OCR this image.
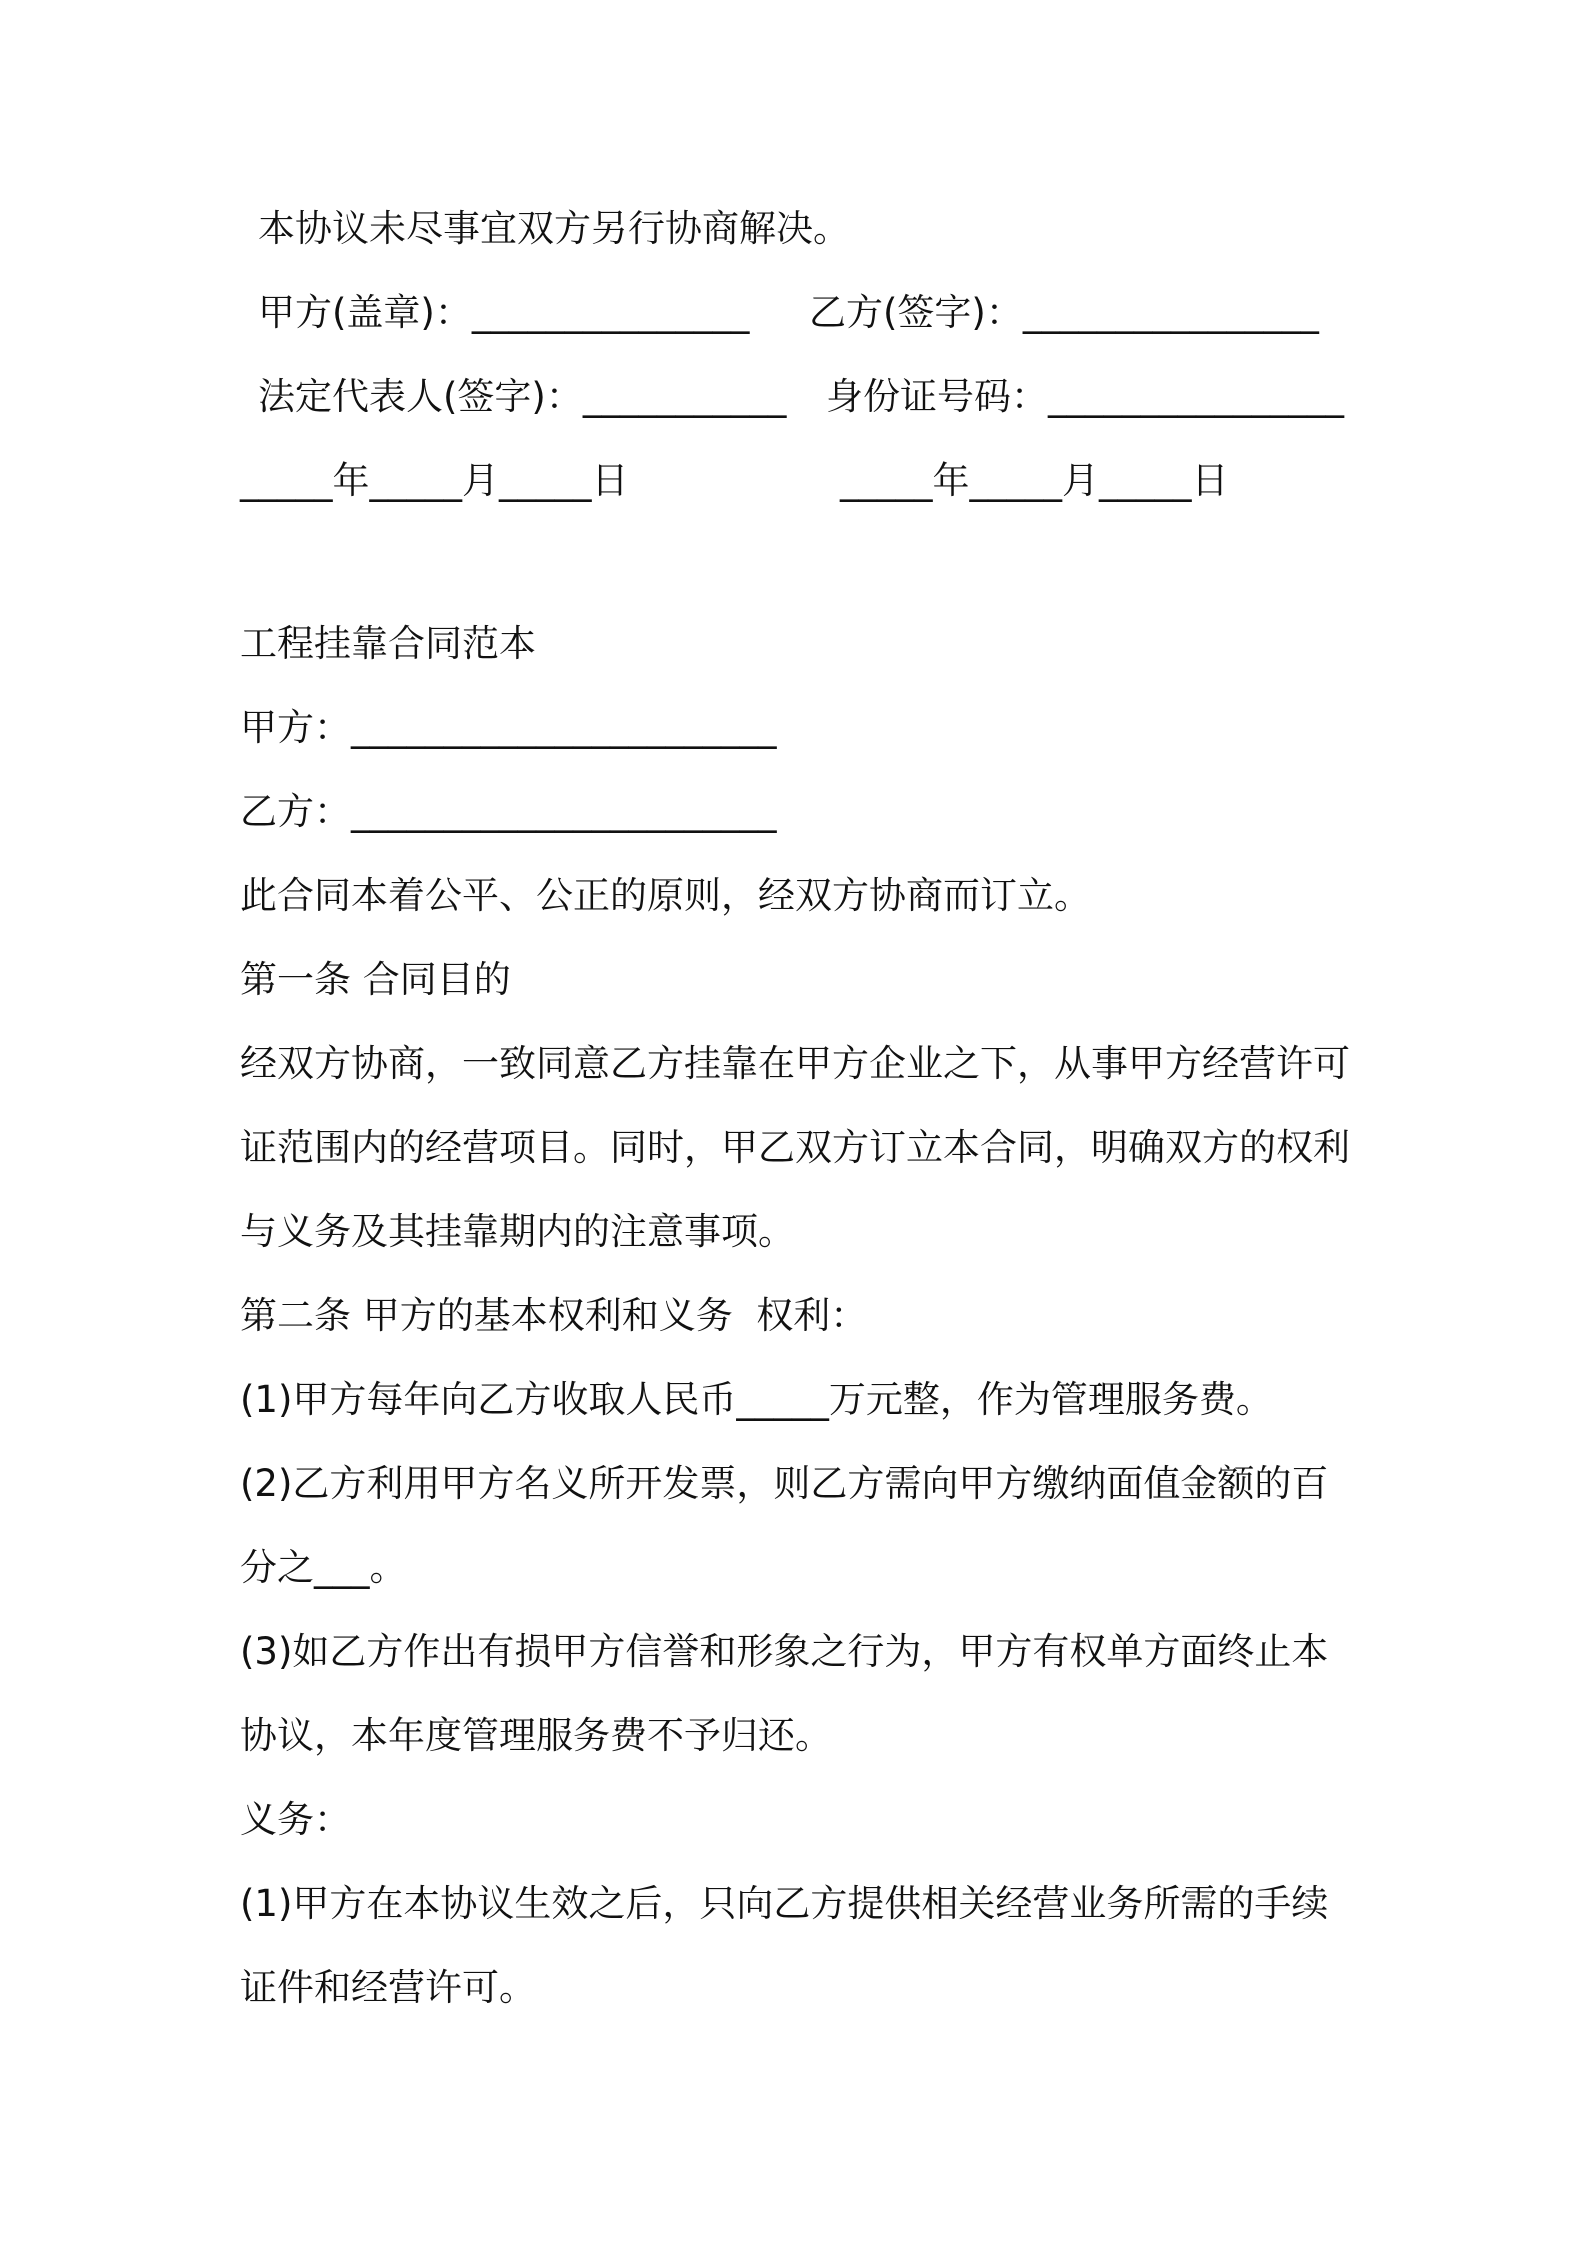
本协议未尽事宜双方另行协商解决。

甲方(盖章)：_______________ 乙方(签字)：________________

法定代表人(签字)：___________ 身份证号码：________________

_____年_____月_____日	_____年_____月_____日

工程挂靠合同范本

甲方：_______________________

乙方：_______________________

此合同本着公平、公正的原则，经双方协商而订立。

第一条 合同目的

经双方协商，一致同意乙方挂靠在甲方企业之下，从事甲方经营许可

证范围内的经营项目。同时，甲乙双方订立本合同，明确双方的权利

与义务及其挂靠期内的注意事项。

第二条 甲方的基本权利和义务  权利：

(1)甲方每年向乙方收取人民币_____万元整，作为管理服务费。

(2)乙方利用甲方名义所开发票，则乙方需向甲方缴纳面值金额的百

分之___。

(3)如乙方作出有损甲方信誉和形象之行为，甲方有权单方面终止本

协议，本年度管理服务费不予归还。

义务：

(1)甲方在本协议生效之后，只向乙方提供相关经营业务所需的手续

证件和经营许可。
